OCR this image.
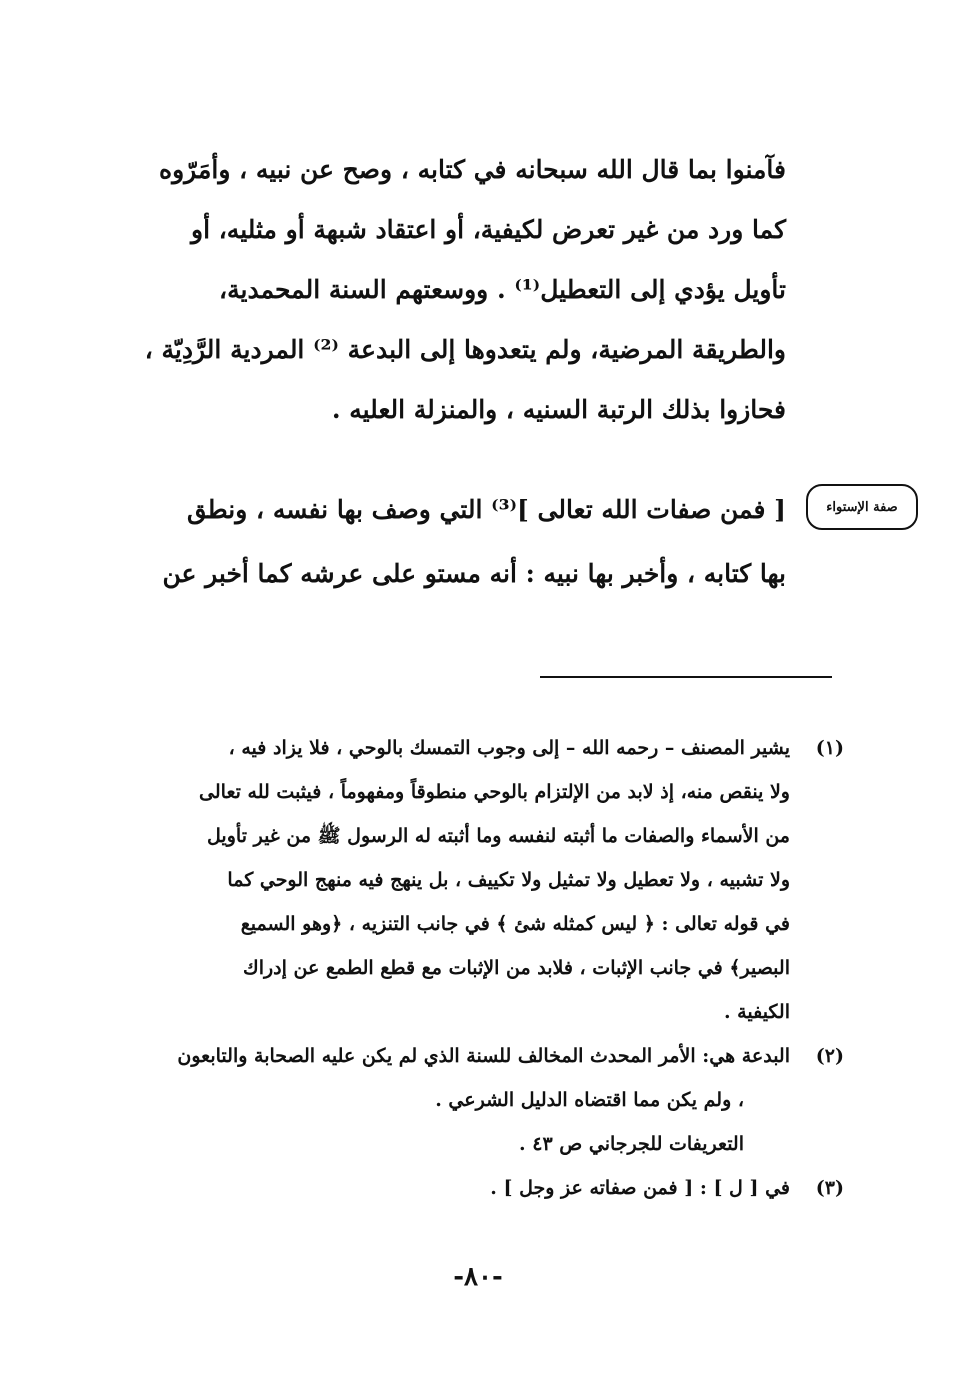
فآمنوا بما قال الله سبحانه في كتابه ، وصح عن نبيه ، وأمَرّوه

كما ورد من غير تعرض لكيفية، أو اعتقاد شبهة أو مثليه، أو

تأويل يؤدي إلى التعطيل⁽¹⁾ . ووسعتهم السنة المحمدية،

والطريقة المرضية، ولم يتعدوها إلى البدعة ⁽²⁾ المردية الرَّدِيّة ،

فحازوا بذلك الرتبة السنيه ، والمنزلة العليه .

صفة الإستواء

[ فمن صفات الله تعالى ]⁽³⁾ التي وصف بها نفسه ، ونطق

بها كتابه ، وأخبر بها نبيه : أنه مستو على عرشه كما أخبر عن

(١)
يشير المصنف – رحمه الله – إلى وجوب التمسك بالوحي ، فلا يزاد فيه ،
ولا ينقص منه، إذ لابد من الإلتزام بالوحي منطوقاً ومفهوماً ، فيثبت لله تعالى
من الأسماء والصفات ما أثبته لنفسه وما أثبته له الرسول ﷺ من غير تأويل
ولا تشبيه ، ولا تعطيل ولا تمثيل ولا تكييف ، بل ينهج فيه منهج الوحي كما
في قوله تعالى : ﴿ ليس كمثله شئ ﴾ في جانب التنزيه ، ﴿وهو السميع
البصير﴾ في جانب الإثبات ، فلابد من الإثبات مع قطع الطمع عن إدراك
الكيفية .
(٢)
البدعة هي: الأمر المحدث المخالف للسنة الذي لم يكن عليه الصحابة والتابعون
، ولم يكن مما اقتضاه الدليل الشرعي .
التعريفات للجرجاني ص ٤٣ .
(٣)
في [ ل ] : [ فمن صفاته عز وجل ] .
-٨٠-
